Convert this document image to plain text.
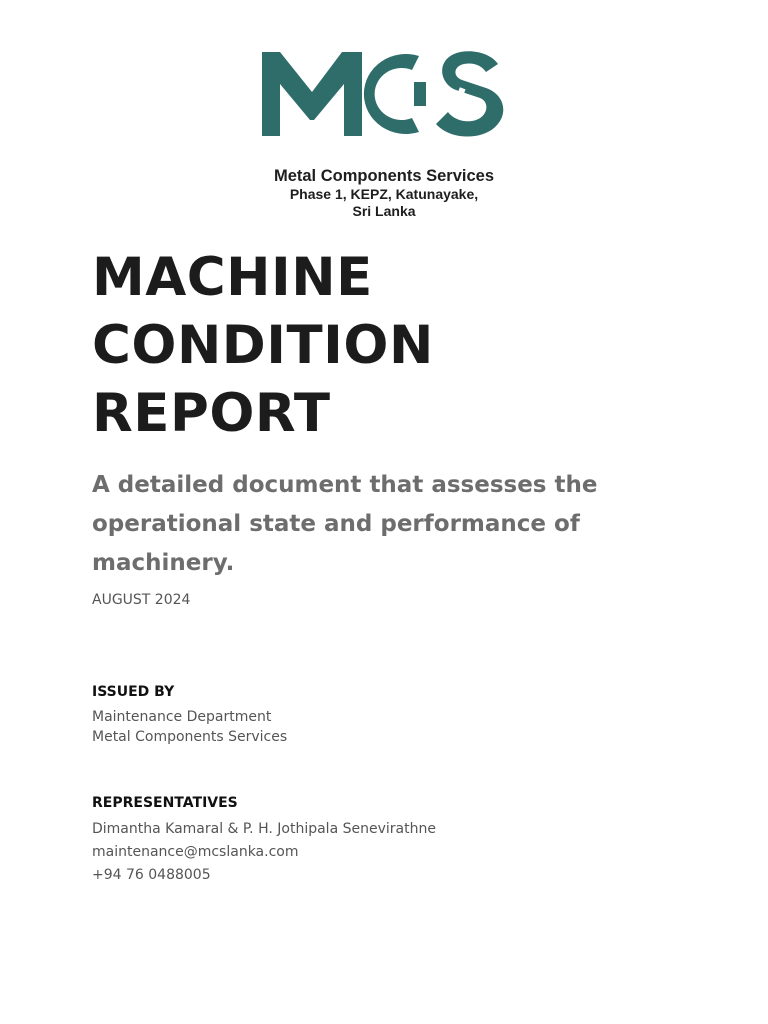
Metal Components Services

Phase 1, KEPZ, Katunayake,

Sri Lanka

MACHINE
CONDITION
REPORT

A detailed document that assesses the operational state and performance of machinery.

AUGUST 2024

ISSUED BY

Maintenance Department

Metal Components Services

REPRESENTATIVES

Dimantha Kamaral & P. H. Jothipala Senevirathne

maintenance@mcslanka.com

+94 76 0488005
